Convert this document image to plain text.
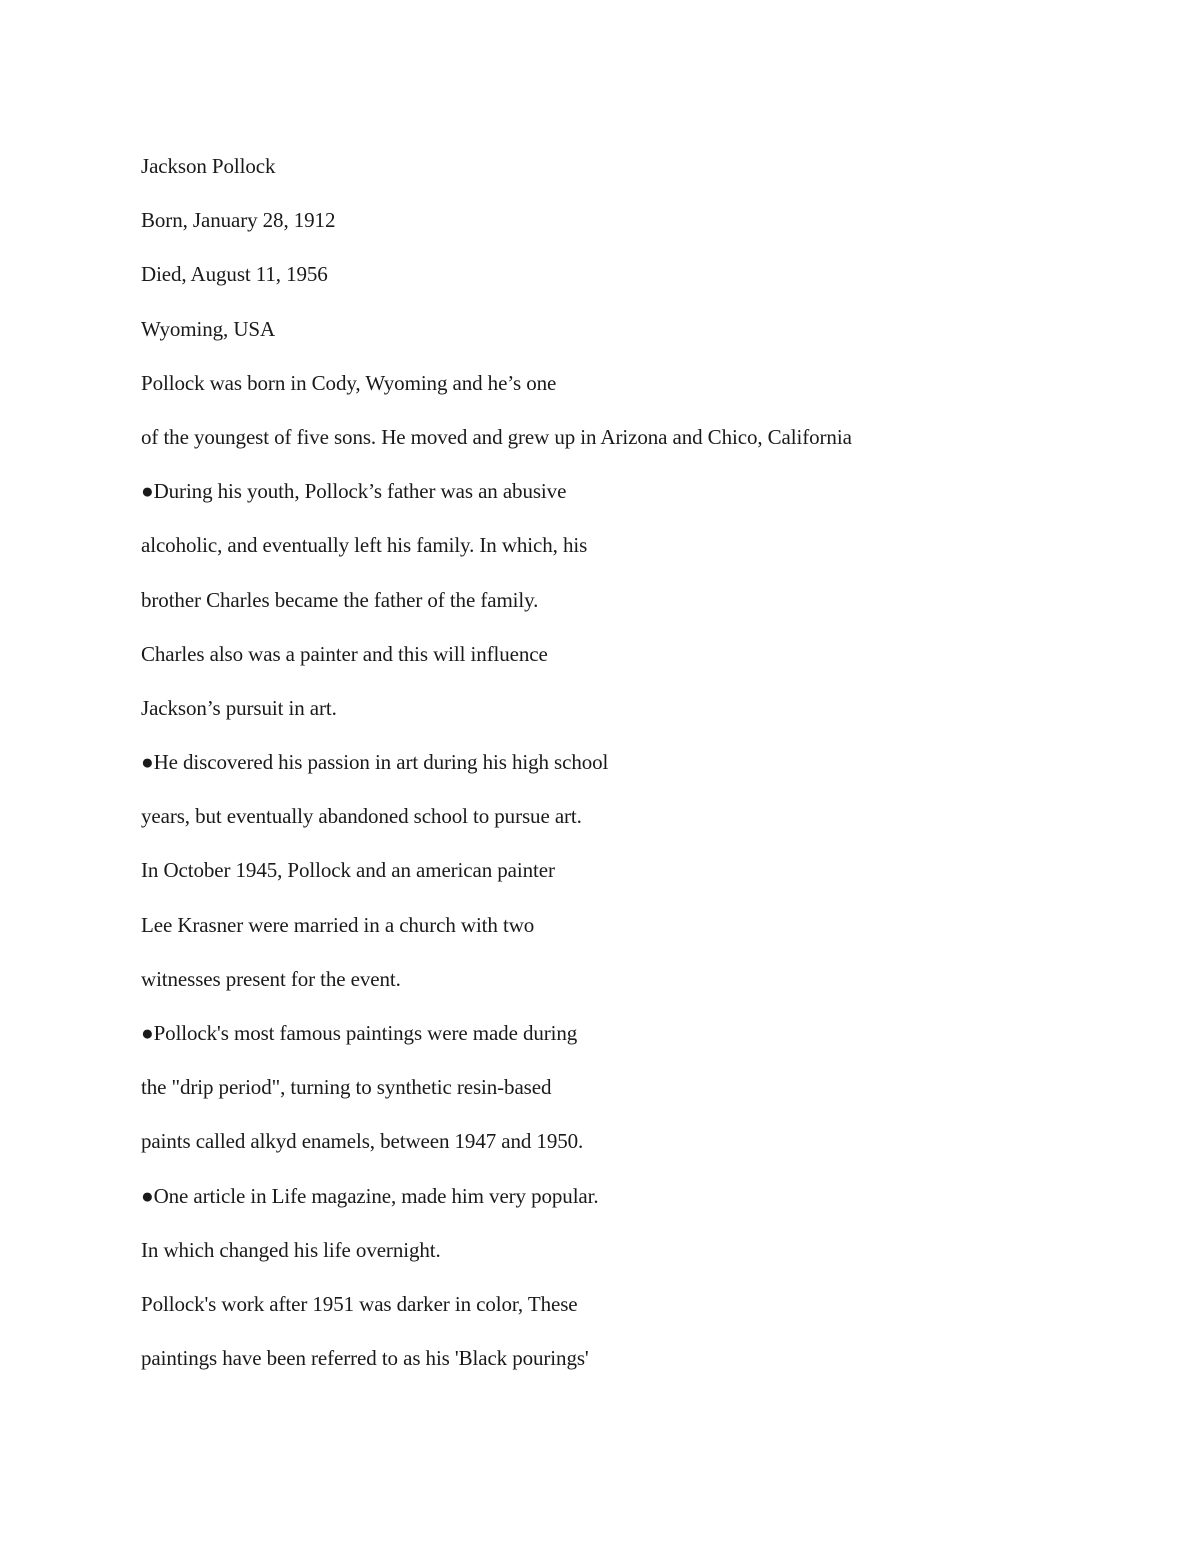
Jackson Pollock
Born, January 28, 1912
Died, August 11, 1956
Wyoming, USA
Pollock was born in Cody, Wyoming and he’s one
of the youngest of five sons. He moved and grew up in Arizona and Chico, California
●During his youth, Pollock’s father was an abusive
alcoholic, and eventually left his family. In which, his
brother Charles became the father of the family.
Charles also was a painter and this will influence
Jackson’s pursuit in art.
●He discovered his passion in art during his high school
years, but eventually abandoned school to pursue art.
In October 1945, Pollock and an american painter
Lee Krasner were married in a church with two
witnesses present for the event.
●Pollock's most famous paintings were made during
the "drip period", turning to synthetic resin-based
paints called alkyd enamels, between 1947 and 1950.
●One article in Life magazine, made him very popular.
In which changed his life overnight.
Pollock's work after 1951 was darker in color, These
paintings have been referred to as his 'Black pourings'
